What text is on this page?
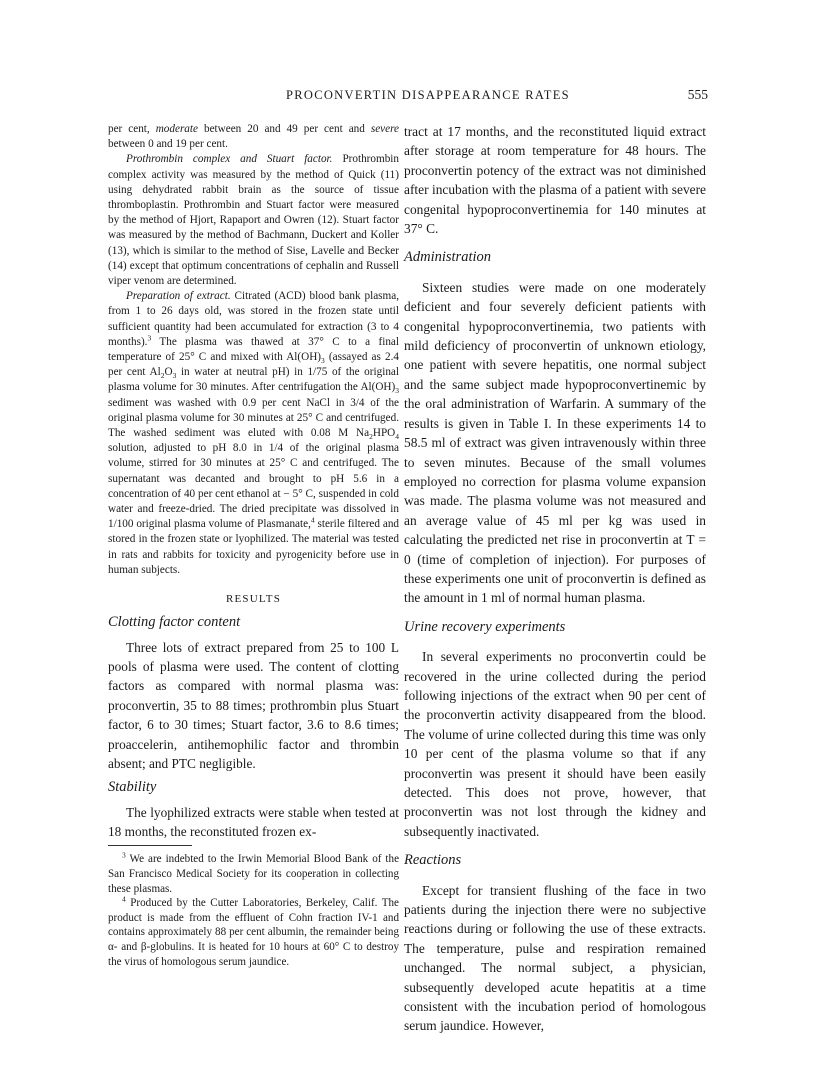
PROCONVERTIN DISAPPEARANCE RATES	555

per cent, moderate between 20 and 49 per cent and severe between 0 and 19 per cent.

Prothrombin complex and Stuart factor. Prothrombin complex activity was measured by the method of Quick (11) using dehydrated rabbit brain as the source of tissue thromboplastin. Prothrombin and Stuart factor were measured by the method of Hjort, Rapaport and Owren (12). Stuart factor was measured by the method of Bachmann, Duckert and Koller (13), which is similar to the method of Sise, Lavelle and Becker (14) except that optimum concentrations of cephalin and Russell viper venom are determined.

Preparation of extract. Citrated (ACD) blood bank plasma, from 1 to 26 days old, was stored in the frozen state until sufficient quantity had been accumulated for extraction (3 to 4 months).$^3$ The plasma was thawed at 37° C to a final temperature of 25° C and mixed with $Al(OH)_3$ (assayed as 2.4 per cent $Al_2O_3$ in water at neutral pH) in 1/75 of the original plasma volume for 30 minutes. After centrifugation the $Al(OH)_3$ sediment was washed with 0.9 per cent NaCl in 3/4 of the original plasma volume for 30 minutes at 25° C and centrifuged. The washed sediment was eluted with 0.08 M $Na_2HPO_4$ solution, adjusted to pH 8.0 in 1/4 of the original plasma volume, stirred for 30 minutes at 25° C and centrifuged. The supernatant was decanted and brought to pH 5.6 in a concentration of 40 per cent ethanol at − 5° C, suspended in cold water and freeze-dried. The dried precipitate was dissolved in 1/100 original plasma volume of Plasmanate,$^4$ sterile filtered and stored in the frozen state or lyophilized. The material was tested in rats and rabbits for toxicity and pyrogenicity before use in human subjects.

RESULTS
Clotting factor content

Three lots of extract prepared from 25 to 100 L pools of plasma were used. The content of clotting factors as compared with normal plasma was: proconvertin, 35 to 88 times; prothrombin plus Stuart factor, 6 to 30 times; Stuart factor, 3.6 to 8.6 times; proaccelerin, antihemophilic factor and thrombin absent; and PTC negligible.

Stability

The lyophilized extracts were stable when tested at 18 months, the reconstituted frozen ex-

$^3$ We are indebted to the Irwin Memorial Blood Bank of the San Francisco Medical Society for its cooperation in collecting these plasmas.

$^4$ Produced by the Cutter Laboratories, Berkeley, Calif. The product is made from the effluent of Cohn fraction IV-1 and contains approximately 88 per cent albumin, the remainder being α- and β-globulins. It is heated for 10 hours at 60° C to destroy the virus of homologous serum jaundice.

tract at 17 months, and the reconstituted liquid extract after storage at room temperature for 48 hours. The proconvertin potency of the extract was not diminished after incubation with the plasma of a patient with severe congenital hypoproconvertinemia for 140 minutes at 37° C.

Administration

Sixteen studies were made on one moderately deficient and four severely deficient patients with congenital hypoproconvertinemia, two patients with mild deficiency of proconvertin of unknown etiology, one patient with severe hepatitis, one normal subject and the same subject made hypoproconvertinemic by the oral administration of Warfarin. A summary of the results is given in Table I. In these experiments 14 to 58.5 ml of extract was given intravenously within three to seven minutes. Because of the small volumes employed no correction for plasma volume expansion was made. The plasma volume was not measured and an average value of 45 ml per kg was used in calculating the predicted net rise in proconvertin at T = 0 (time of completion of injection). For purposes of these experiments one unit of proconvertin is defined as the amount in 1 ml of normal human plasma.

Urine recovery experiments

In several experiments no proconvertin could be recovered in the urine collected during the period following injections of the extract when 90 per cent of the proconvertin activity disappeared from the blood. The volume of urine collected during this time was only 10 per cent of the plasma volume so that if any proconvertin was present it should have been easily detected. This does not prove, however, that proconvertin was not lost through the kidney and subsequently inactivated.

Reactions

Except for transient flushing of the face in two patients during the injection there were no subjective reactions during or following the use of these extracts. The temperature, pulse and respiration remained unchanged. The normal subject, a physician, subsequently developed acute hepatitis at a time consistent with the incubation period of homologous serum jaundice. However,
